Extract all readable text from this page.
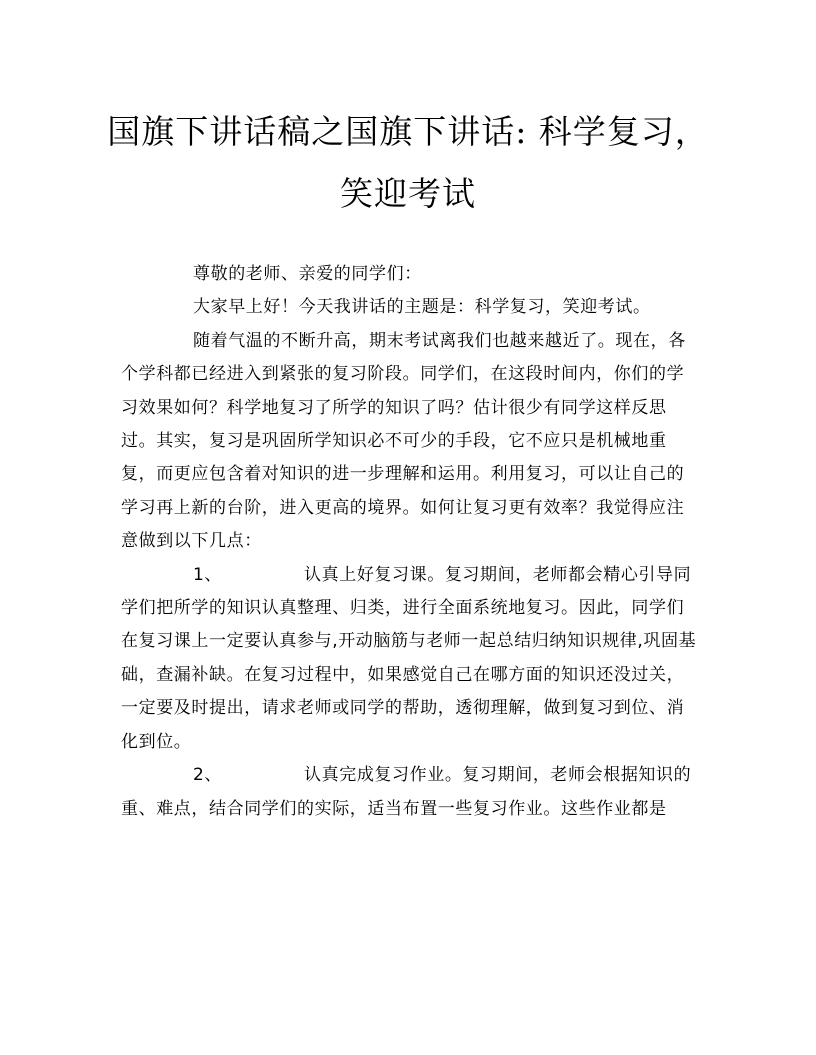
国旗下讲话稿之国旗下讲话: 科学复习，
笑迎考试

尊敬的老师、亲爱的同学们：

大家早上好！今天我讲话的主题是：科学复习，笑迎考试。

随着气温的不断升高，期末考试离我们也越来越近了。现在，各个学科都已经进入到紧张的复习阶段。同学们，在这段时间内，你们的学习效果如何？科学地复习了所学的知识了吗？估计很少有同学这样反思过。其实，复习是巩固所学知识必不可少的手段，它不应只是机械地重复，而更应包含着对知识的进一步理解和运用。利用复习，可以让自己的学习再上新的台阶，进入更高的境界。如何让复习更有效率？我觉得应注意做到以下几点：

1、	认真上好复习课。复习期间，老师都会精心引导同学们把所学的知识认真整理、归类，进行全面系统地复习。因此，同学们在复习课上一定要认真参与,开动脑筋与老师一起总结归纳知识规律,巩固基础，查漏补缺。在复习过程中，如果感觉自己在哪方面的知识还没过关，一定要及时提出，请求老师或同学的帮助，透彻理解，做到复习到位、消化到位。

2、	认真完成复习作业。复习期间，老师会根据知识的重、难点，结合同学们的实际，适当布置一些复习作业。这些作业都是
